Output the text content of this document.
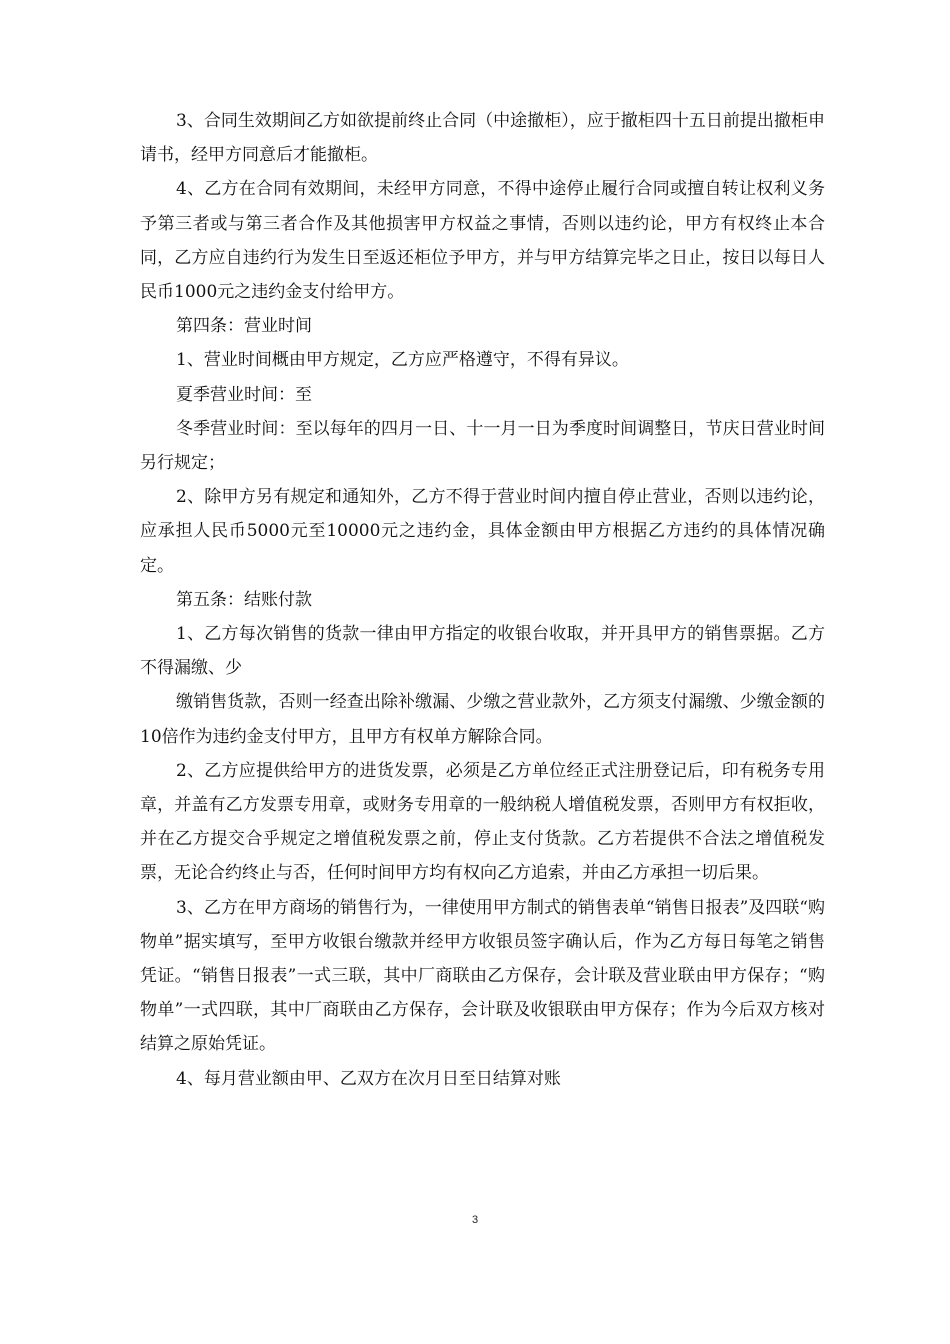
3、合同生效期间乙方如欲提前终止合同（中途撤柜），应于撤柜四十五日前提出撤柜申请书，经甲方同意后才能撤柜。

4、乙方在合同有效期间，未经甲方同意，不得中途停止履行合同或擅自转让权利义务予第三者或与第三者合作及其他损害甲方权益之事情，否则以违约论，甲方有权终止本合同，乙方应自违约行为发生日至返还柜位予甲方，并与甲方结算完毕之日止，按日以每日人民币1000元之违约金支付给甲方。

第四条：营业时间

1、营业时间概由甲方规定，乙方应严格遵守，不得有异议。

夏季营业时间：至

冬季营业时间：至以每年的四月一日、十一月一日为季度时间调整日，节庆日营业时间另行规定；

2、除甲方另有规定和通知外，乙方不得于营业时间内擅自停止营业，否则以违约论，应承担人民币5000元至10000元之违约金，具体金额由甲方根据乙方违约的具体情况确定。

第五条：结账付款

1、乙方每次销售的货款一律由甲方指定的收银台收取，并开具甲方的销售票据。乙方不得漏缴、少

缴销售货款，否则一经查出除补缴漏、少缴之营业款外，乙方须支付漏缴、少缴金额的10倍作为违约金支付甲方，且甲方有权单方解除合同。

2、乙方应提供给甲方的进货发票，必须是乙方单位经正式注册登记后，印有税务专用章，并盖有乙方发票专用章，或财务专用章的一般纳税人增值税发票，否则甲方有权拒收，并在乙方提交合乎规定之增值税发票之前，停止支付货款。乙方若提供不合法之增值税发票，无论合约终止与否，任何时间甲方均有权向乙方追索，并由乙方承担一切后果。

3、乙方在甲方商场的销售行为，一律使用甲方制式的销售表单“销售日报表”及四联“购物单”据实填写，至甲方收银台缴款并经甲方收银员签字确认后，作为乙方每日每笔之销售凭证。“销售日报表”一式三联，其中厂商联由乙方保存，会计联及营业联由甲方保存；“购物单”一式四联，其中厂商联由乙方保存，会计联及收银联由甲方保存；作为今后双方核对结算之原始凭证。

4、每月营业额由甲、乙双方在次月日至日结算对账

3
